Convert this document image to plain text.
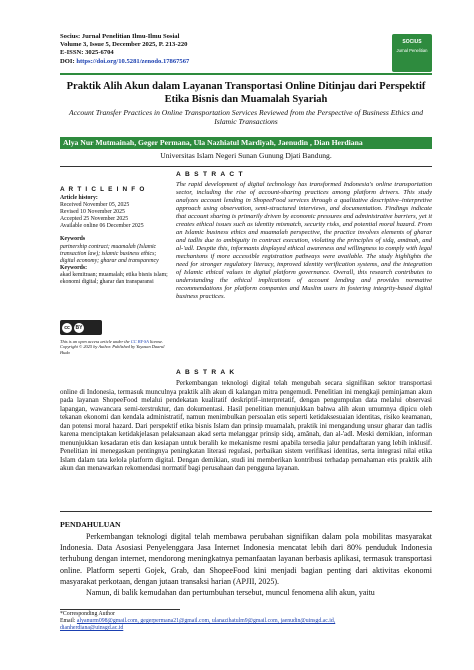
Socius: Jurnal Penelitian Ilmu-Ilmu Sosial
Volume 3, Issue 5, December 2025, P. 213-220
E-ISSN: 3025-6704
DOI: https://doi.org/10.5281/zenodo.17867567
SOCIUS
Jurnal Penelitian
Praktik Alih Akun dalam Layanan Transportasi Online Ditinjau dari Perspektif Etika Bisnis dan Muamalah Syariah
Account Transfer Practices in Online Transportation Services Reviewed from the Perspective of Business Ethics and Islamic Transactions
Alya Nur Mutmainah, Geger Permana, Ula Nazhiatul Mardiyah, Jaenudin , Dian Herdiana
Universitas Islam Negeri Sunan Gunung Djati Bandung.
A R T I C L E I N F O
Article history:
Received November 05, 2025
Revised 10 November 2025
Accepted 25 November 2025
Available online 06 December 2025
Keywords
partnership contract; muamalah (Islamic transaction law); islamic business ethics; digital economy; gharar and transparency
Keywords:
akad kemitraan; muamalah; etika bisnis islam; ekonomi digital; gharar dan transparansi
cc	BY
This is an open access article under the CC BY-SA license.
Copyright © 2025 by Author. Published by Yayasan Daarul Huda
A B S T R A C T
The rapid development of digital technology has transformed Indonesia's online transportation sector, including the rise of account-sharing practices among platform drivers. This study analyzes account lending in ShopeeFood services through a qualitative descriptive–interpretive approach using observation, semi-structured interviews, and documentation. Findings indicate that account sharing is primarily driven by economic pressures and administrative barriers, yet it creates ethical issues such as identity mismatch, security risks, and potential moral hazard. From an Islamic business ethics and muamalah perspective, the practice involves elements of gharar and tadlis due to ambiguity in contract execution, violating the principles of sidq, amānah, and al-'adl. Despite this, informants displayed ethical awareness and willingness to comply with legal mechanisms if more accessible registration pathways were available. The study highlights the need for stronger regulatory literacy, improved identity verification systems, and the integration of Islamic ethical values in digital platform governance. Overall, this research contributes to understanding the ethical implications of account lending and provides normative recommendations for platform companies and Muslim users in fostering integrity-based digital business practices.
A B S T R A K
Perkembangan teknologi digital telah mengubah secara signifikan sektor transportasi online di Indonesia, termasuk munculnya praktik alih akun di kalangan mitra pengemudi. Penelitian ini mengkaji peminjaman akun pada layanan ShopeeFood melalui pendekatan kualitatif deskriptif–interpretatif, dengan pengumpulan data melalui observasi lapangan, wawancara semi-terstruktur, dan dokumentasi. Hasil penelitian menunjukkan bahwa alih akun umumnya dipicu oleh tekanan ekonomi dan kendala administratif, namun menimbulkan persoalan etis seperti ketidaksesuaian identitas, risiko keamanan, dan potensi moral hazard. Dari perspektif etika bisnis Islam dan prinsip muamalah, praktik ini mengandung unsur gharar dan tadlis karena menciptakan ketidakjelasan pelaksanaan akad serta melanggar prinsip sidq, amānah, dan al-'adl. Meski demikian, informan menunjukkan kesadaran etis dan kesiapan untuk beralih ke mekanisme resmi apabila tersedia jalur pendaftaran yang lebih inklusif. Penelitian ini menegaskan pentingnya peningkatan literasi regulasi, perbaikan sistem verifikasi identitas, serta integrasi nilai etika Islam dalam tata kelola platform digital. Dengan demikian, studi ini memberikan kontribusi terhadap pemahaman etis praktik alih akun dan menawarkan rekomendasi normatif bagi perusahaan dan pengguna layanan.
PENDAHULUAN

Perkembangan teknologi digital telah membawa perubahan signifikan dalam pola mobilitas masyarakat Indonesia. Data Asosiasi Penyelenggara Jasa Internet Indonesia mencatat lebih dari 80% penduduk Indonesia terhubung dengan internet, mendorong meningkatnya pemanfaatan layanan berbasis aplikasi, termasuk transportasi online. Platform seperti Gojek, Grab, dan ShopeeFood kini menjadi bagian penting dari aktivitas ekonomi masyarakat perkotaan, dengan jutaan transaksi harian (APJII, 2025).

Namun, di balik kemudahan dan pertumbuhan tersebut, muncul fenomena alih akun, yaitu

*Corresponding Author
Email: alyanurm098@gmail.com, gegerpermana21@gmail.com, ulanazihatulm9@gmail.com, jaenudin@uinsgd.ac.id,
dianherdiana@uinsgd.ac.id
